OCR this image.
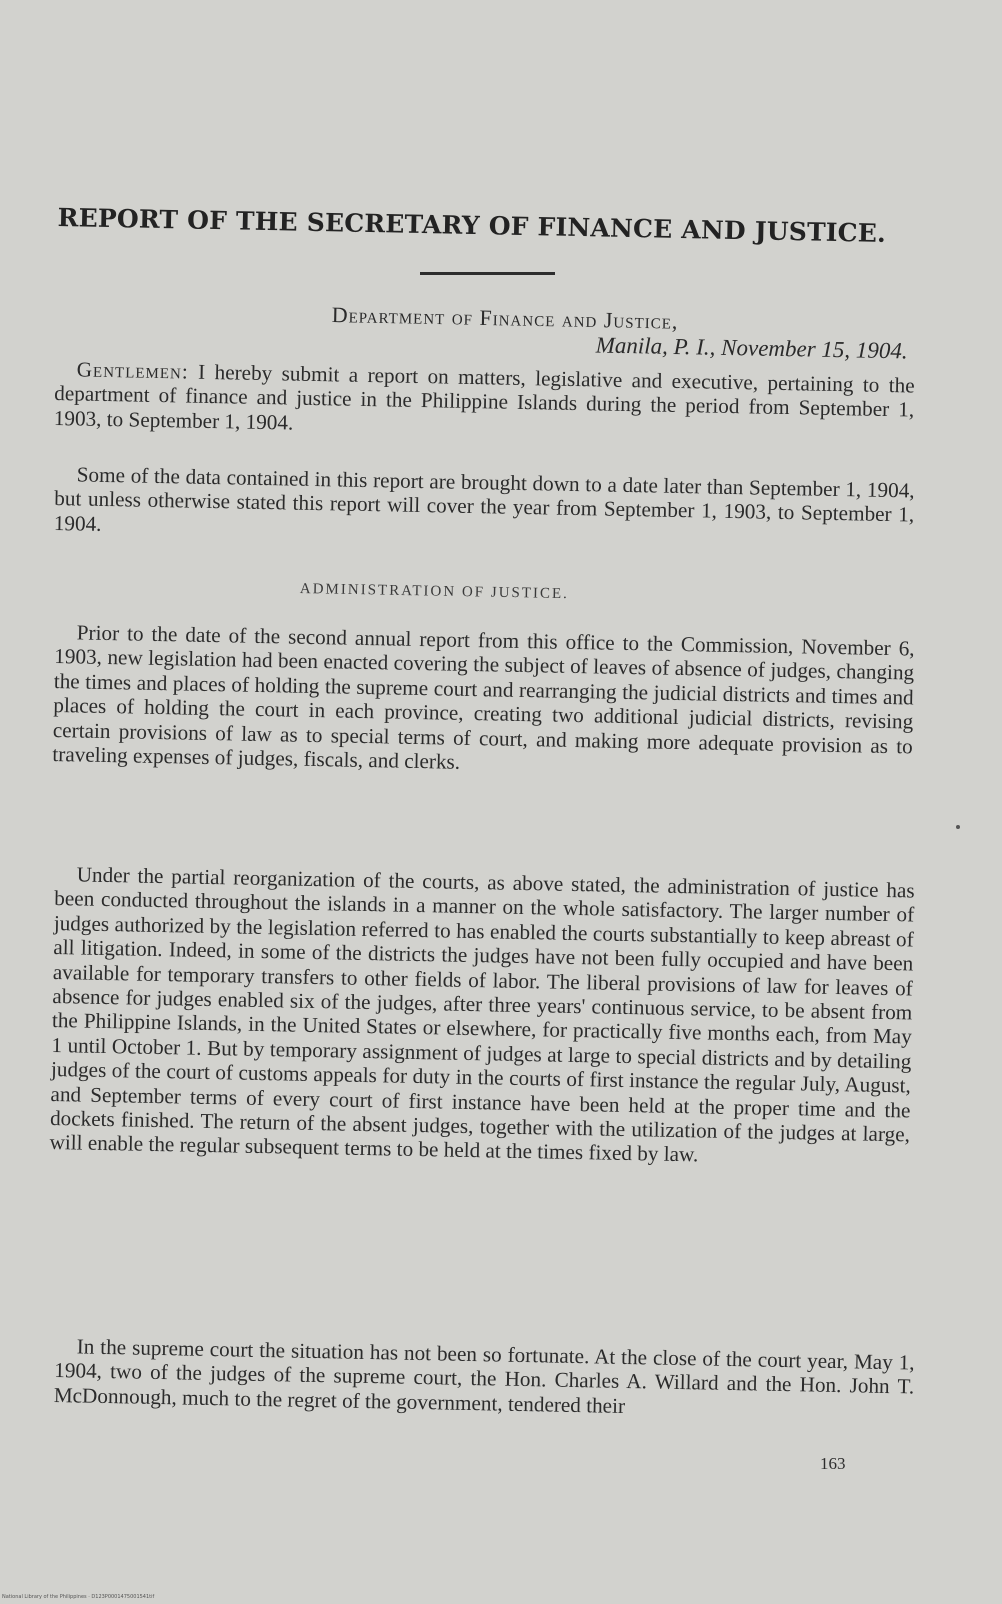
REPORT OF THE SECRETARY OF FINANCE AND JUSTICE.
Department of Finance and Justice,
Manila, P. I., November 15, 1904.

Gentlemen: I hereby submit a report on matters, legislative and executive, pertaining to the department of finance and justice in the Philippine Islands during the period from September 1, 1903, to September 1, 1904.

Some of the data contained in this report are brought down to a date later than September 1, 1904, but unless otherwise stated this report will cover the year from September 1, 1903, to September 1, 1904.

ADMINISTRATION OF JUSTICE.

Prior to the date of the second annual report from this office to the Commission, November 6, 1903, new legislation had been enacted covering the subject of leaves of absence of judges, changing the times and places of holding the supreme court and rearranging the judicial districts and times and places of holding the court in each province, creating two additional judicial districts, revising certain provisions of law as to special terms of court, and making more adequate provision as to traveling expenses of judges, fiscals, and clerks.

Under the partial reorganization of the courts, as above stated, the administration of justice has been conducted throughout the islands in a manner on the whole satisfactory. The larger number of judges authorized by the legislation referred to has enabled the courts substantially to keep abreast of all litigation. Indeed, in some of the districts the judges have not been fully occupied and have been available for temporary transfers to other fields of labor. The liberal provisions of law for leaves of absence for judges enabled six of the judges, after three years' continuous service, to be absent from the Philippine Islands, in the United States or elsewhere, for practically five months each, from May 1 until October 1. But by temporary assignment of judges at large to special districts and by detailing judges of the court of customs appeals for duty in the courts of first instance the regular July, August, and September terms of every court of first instance have been held at the proper time and the dockets finished. The return of the absent judges, together with the utilization of the judges at large, will enable the regular subsequent terms to be held at the times fixed by law.

In the supreme court the situation has not been so fortunate. At the close of the court year, May 1, 1904, two of the judges of the supreme court, the Hon. Charles A. Willard and the Hon. John T. McDonnough, much to the regret of the government, tendered their

163
National Library of the Philippines · D123P0001475001541tif
